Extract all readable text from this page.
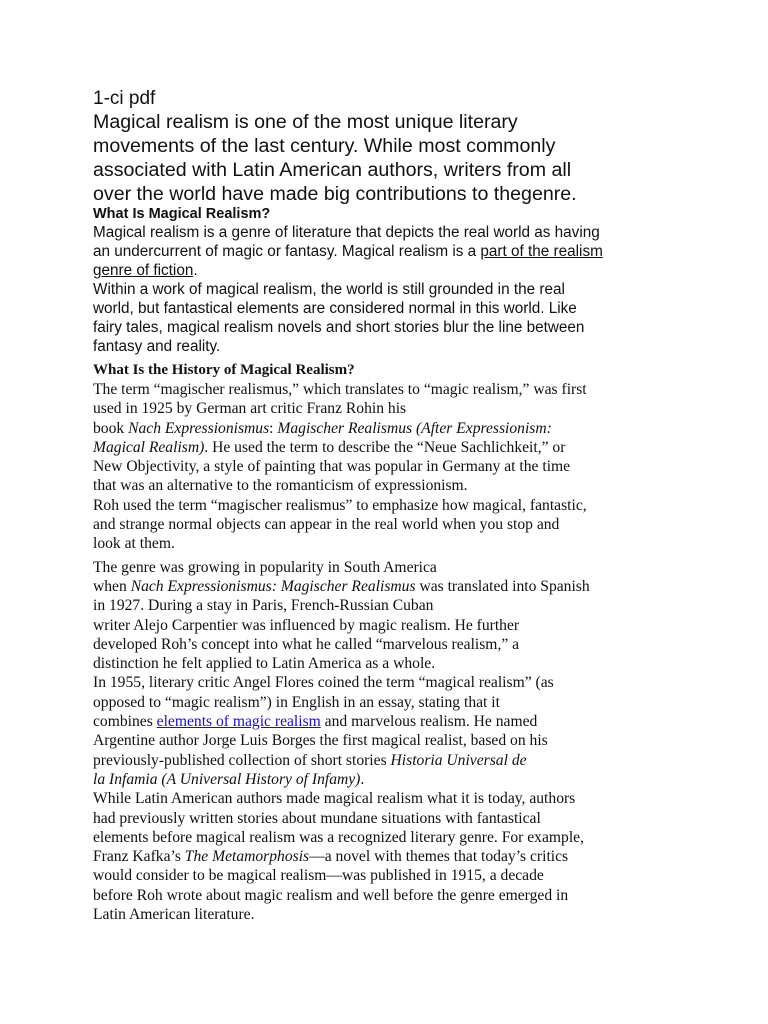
1-ci pdf

Magical realism is one of the most unique literary
movements of the last century. While most commonly
associated with Latin American authors, writers from all
over the world have made big contributions to thegenre.

What Is Magical Realism?

Magical realism is a genre of literature that depicts the real world as having
an undercurrent of magic or fantasy. Magical realism is a part of the realism
genre of fiction.

Within a work of magical realism, the world is still grounded in the real
world, but fantastical elements are considered normal in this world. Like
fairy tales, magical realism novels and short stories blur the line between
fantasy and reality.

What Is the History of Magical Realism?

The term “magischer realismus,” which translates to “magic realism,” was first
used in 1925 by German art critic Franz Rohin his
book Nach Expressionismus: Magischer Realismus (After Expressionism:
Magical Realism). He used the term to describe the “Neue Sachlichkeit,” or
New Objectivity, a style of painting that was popular in Germany at the time
that was an alternative to the romanticism of expressionism.

Roh used the term “magischer realismus” to emphasize how magical, fantastic,
and strange normal objects can appear in the real world when you stop and
look at them.

The genre was growing in popularity in South America
when Nach Expressionismus: Magischer Realismus was translated into Spanish
in 1927. During a stay in Paris, French-Russian Cuban
writer Alejo Carpentier was influenced by magic realism. He further
developed Roh’s concept into what he called “marvelous realism,” a
distinction he felt applied to Latin America as a whole.

In 1955, literary critic Angel Flores coined the term “magical realism” (as
opposed to “magic realism”) in English in an essay, stating that it
combines elements of magic realism and marvelous realism. He named
Argentine author Jorge Luis Borges the first magical realist, based on his
previously-published collection of short stories Historia Universal de
la Infamia (A Universal History of Infamy).

While Latin American authors made magical realism what it is today, authors
had previously written stories about mundane situations with fantastical
elements before magical realism was a recognized literary genre. For example,
Franz Kafka’s The Metamorphosis—a novel with themes that today’s critics
would consider to be magical realism—was published in 1915, a decade
before Roh wrote about magic realism and well before the genre emerged in
Latin American literature.
